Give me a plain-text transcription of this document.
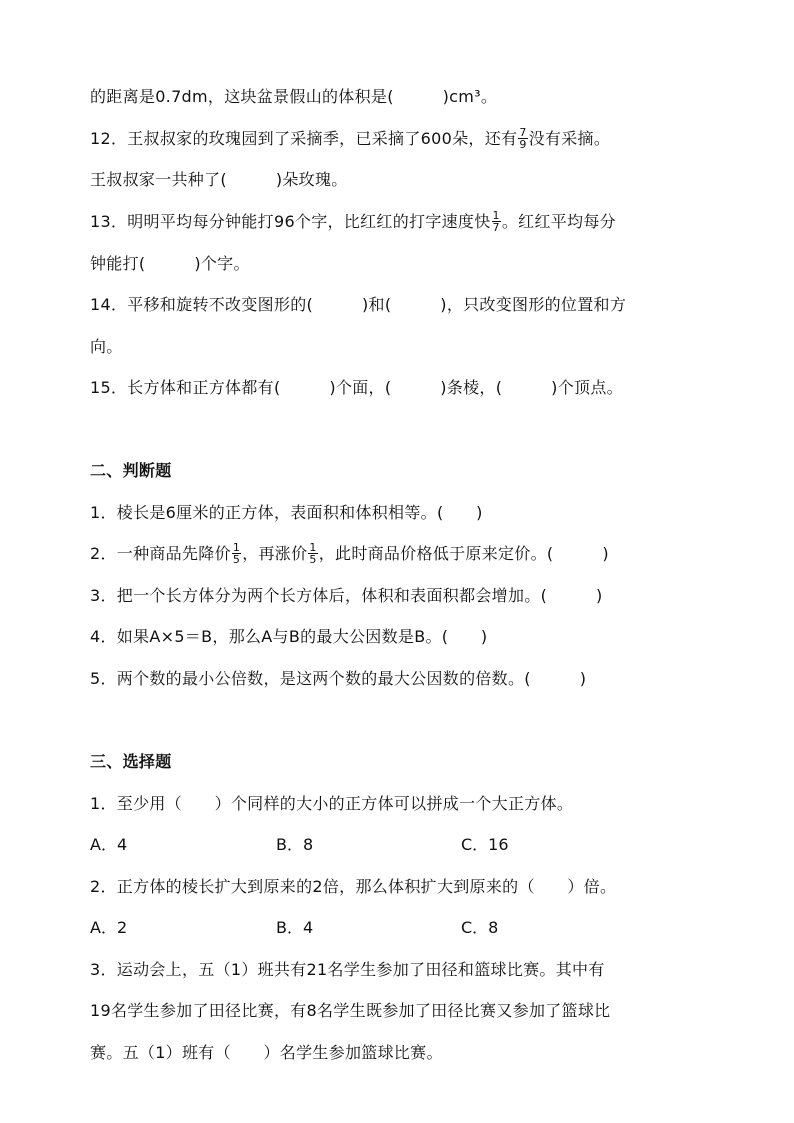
的距离是0.7dm，这块盆景假山的体积是(　　　)cm³。
12．王叔叔家的玫瑰园到了采摘季，已采摘了600朵，还有 $\frac{7}{9}$ 没有采摘。
王叔叔家一共种了(　　　)朵玫瑰。
13．明明平均每分钟能打96个字，比红红的打字速度快 $\frac{1}{7}$ 。红红平均每分
钟能打(　　　)个字。
14．平移和旋转不改变图形的(　　　)和(　　　)，只改变图形的位置和方
向。
15．长方体和正方体都有(　　　)个面，(　　　)条棱，(　　　)个顶点。
二、判断题
1．棱长是6厘米的正方体，表面积和体积相等。(　　)
2．一种商品先降价 $\frac{1}{5}$ ，再涨价 $\frac{1}{5}$ ，此时商品价格低于原来定价。(　　　)
3．把一个长方体分为两个长方体后，体积和表面积都会增加。(　　　)
4．如果A×5＝B，那么A与B的最大公因数是B。(　　)
5．两个数的最小公倍数，是这两个数的最大公因数的倍数。(　　　)
三、选择题
1．至少用（　　）个同样的大小的正方体可以拼成一个大正方体。
A．4	B．8	C．16
2．正方体的棱长扩大到原来的2倍，那么体积扩大到原来的（　　）倍。
A．2	B．4	C．8
3．运动会上，五（1）班共有21名学生参加了田径和篮球比赛。其中有
19名学生参加了田径比赛，有8名学生既参加了田径比赛又参加了篮球比
赛。五（1）班有（　　）名学生参加篮球比赛。
